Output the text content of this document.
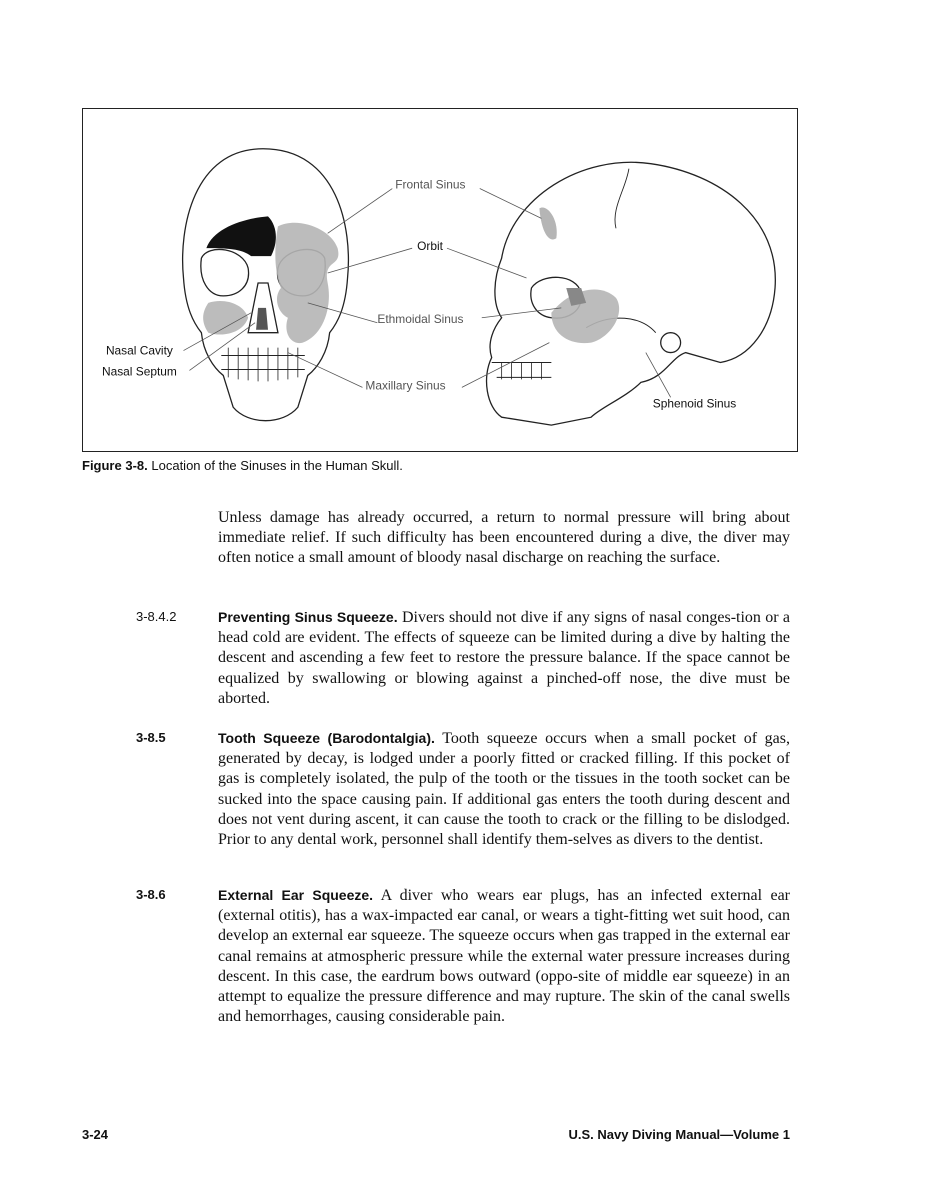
Frontal Sinus
Orbit
Ethmoidal Sinus
Maxillary Sinus
Sphenoid Sinus
Nasal Cavity
Nasal Septum
Figure 3-8. Location of the Sinuses in the Human Skull.
Unless damage has already occurred, a return to normal pressure will bring about immediate relief. If such difficulty has been encountered during a dive, the diver may often notice a small amount of bloody nasal discharge on reaching the surface.
3-8.4.2	Preventing Sinus Squeeze. Divers should not dive if any signs of nasal conges-tion or a head cold are evident. The effects of squeeze can be limited during a dive by halting the descent and ascending a few feet to restore the pressure balance. If the space cannot be equalized by swallowing or blowing against a pinched-off nose, the dive must be aborted.
3-8.5	Tooth Squeeze (Barodontalgia). Tooth squeeze occurs when a small pocket of gas, generated by decay, is lodged under a poorly fitted or cracked filling. If this pocket of gas is completely isolated, the pulp of the tooth or the tissues in the tooth socket can be sucked into the space causing pain. If additional gas enters the tooth during descent and does not vent during ascent, it can cause the tooth to crack or the filling to be dislodged. Prior to any dental work, personnel shall identify them-selves as divers to the dentist.
3-8.6	External Ear Squeeze. A diver who wears ear plugs, has an infected external ear (external otitis), has a wax-impacted ear canal, or wears a tight-fitting wet suit hood, can develop an external ear squeeze. The squeeze occurs when gas trapped in the external ear canal remains at atmospheric pressure while the external water pressure increases during descent. In this case, the eardrum bows outward (oppo-site of middle ear squeeze) in an attempt to equalize the pressure difference and may rupture. The skin of the canal swells and hemorrhages, causing considerable pain.
3-24	U.S. Navy Diving Manual—Volume 1
